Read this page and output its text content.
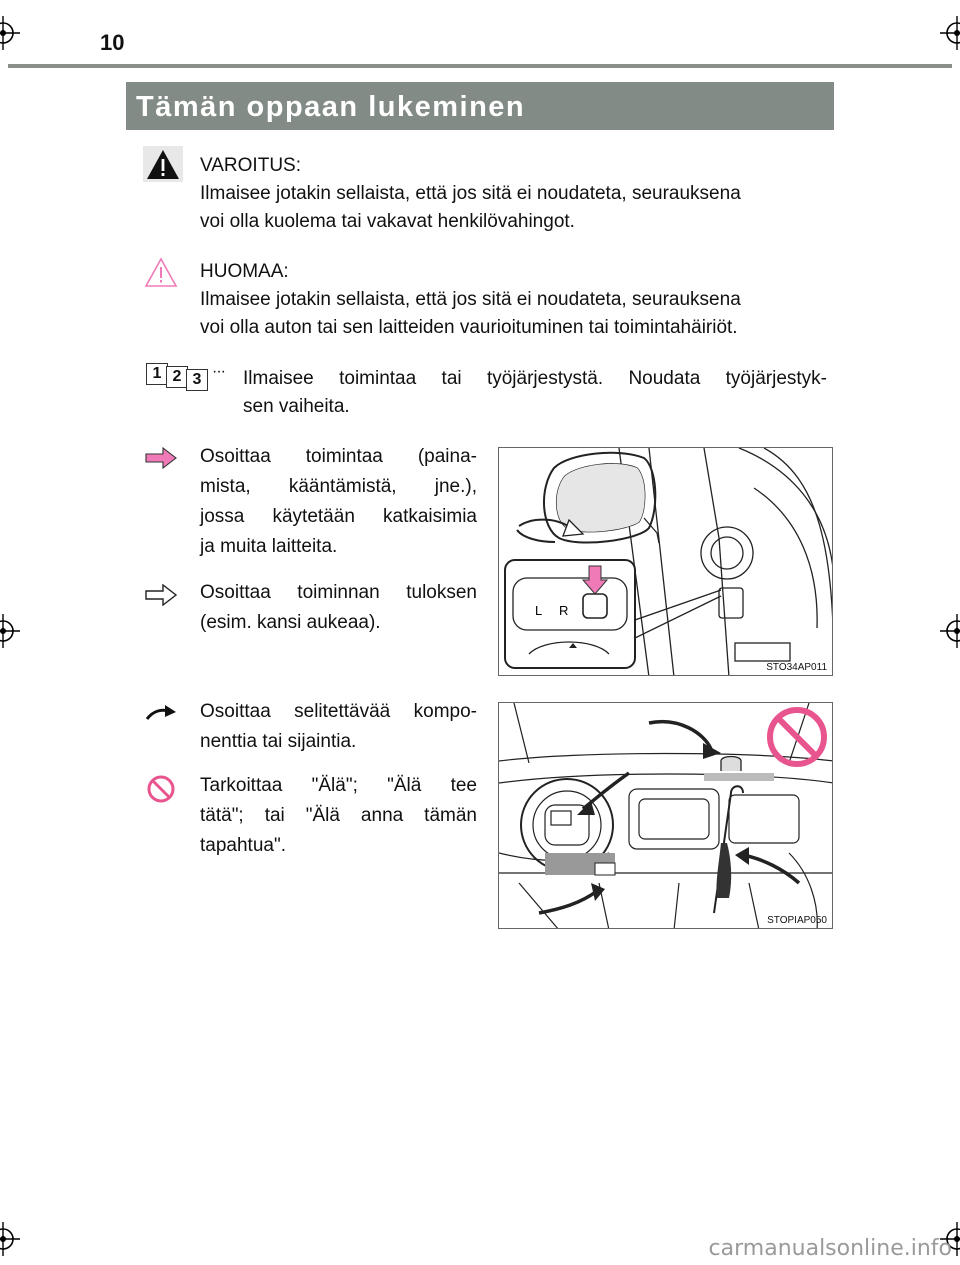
10
Tämän oppaan lukeminen
VAROITUS:
Ilmaisee jotakin sellaista, että jos sitä ei noudateta, seurauksena
voi olla kuolema tai vakavat henkilövahingot.
HUOMAA:
Ilmaisee jotakin sellaista, että jos sitä ei noudateta, seurauksena
voi olla auton tai sen laitteiden vaurioituminen tai toimintahäiriöt.
1 2 3 ··· Ilmaisee toimintaa tai työjärjestystä. Noudata työjärjestyk-
sen vaiheita.
Osoittaa toimintaa (paina-
mista, kääntämistä, jne.),
jossa käytetään katkaisimia
ja muita laitteita.
Osoittaa toiminnan tuloksen
(esim. kansi aukeaa).
L R
STO34AP011
Osoittaa selitettävää kompo-
nenttia tai sijaintia.
Tarkoittaa "Älä"; "Älä tee
tätä"; tai "Älä anna tämän
tapahtua".
STOPIAP050
carmanualsonline.info
